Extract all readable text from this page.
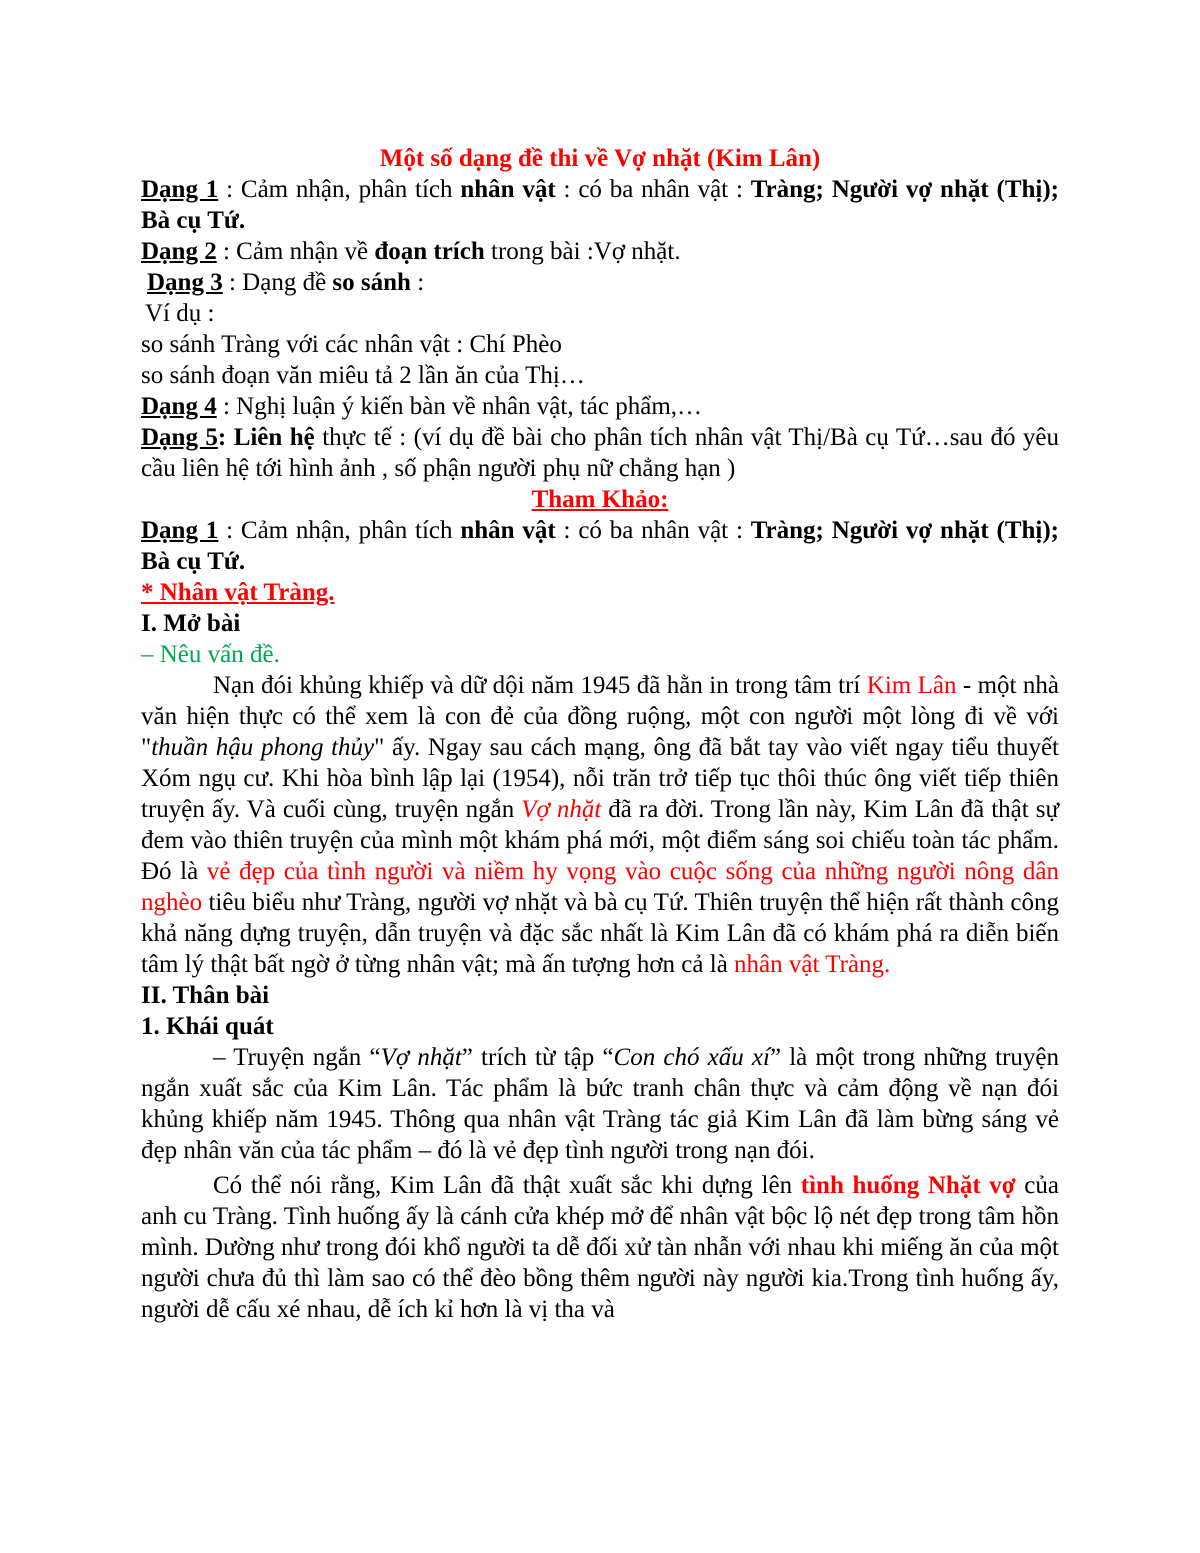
Một số dạng đề thi về Vợ nhặt (Kim Lân)

Dạng 1 : Cảm nhận, phân tích nhân vật : có ba nhân vật : Tràng; Người vợ nhặt (Thị); Bà cụ Tứ.

Dạng 2 : Cảm nhận về đoạn trích trong bài :Vợ nhặt.

Dạng 3 : Dạng đề so sánh :

Ví dụ :

so sánh Tràng với các nhân vật : Chí Phèo

so sánh đoạn văn miêu tả 2 lần ăn của Thị…

Dạng 4 : Nghị luận ý kiến bàn về nhân vật, tác phẩm,…

Dạng 5: Liên hệ thực tế : (ví dụ đề bài cho phân tích nhân vật Thị/Bà cụ Tứ…sau đó yêu cầu liên hệ tới hình ảnh , số phận người phụ nữ chẳng hạn )

Tham Khảo:

Dạng 1 : Cảm nhận, phân tích nhân vật : có ba nhân vật : Tràng; Người vợ nhặt (Thị); Bà cụ Tứ.

* Nhân vật Tràng.

I. Mở bài

– Nêu vấn đề.

Nạn đói khủng khiếp và dữ dội năm 1945 đã hằn in trong tâm trí Kim Lân - một nhà văn hiện thực có thể xem là con đẻ của đồng ruộng, một con người một lòng đi về với "thuần hậu phong thủy" ấy. Ngay sau cách mạng, ông đã bắt tay vào viết ngay tiểu thuyết Xóm ngụ cư. Khi hòa bình lập lại (1954), nỗi trăn trở tiếp tục thôi thúc ông viết tiếp thiên truyện ấy. Và cuối cùng, truyện ngắn Vợ nhặt đã ra đời. Trong lần này, Kim Lân đã thật sự đem vào thiên truyện của mình một khám phá mới, một điểm sáng soi chiếu toàn tác phẩm. Đó là vẻ đẹp của tình người và niềm hy vọng vào cuộc sống của những người nông dân nghèo tiêu biểu như Tràng, người vợ nhặt và bà cụ Tứ. Thiên truyện thể hiện rất thành công khả năng dựng truyện, dẫn truyện và đặc sắc nhất là Kim Lân đã có khám phá ra diễn biến tâm lý thật bất ngờ ở từng nhân vật; mà ấn tượng hơn cả là nhân vật Tràng.

II. Thân bài

1. Khái quát

– Truyện ngắn “Vợ nhặt” trích từ tập “Con chó xấu xí” là một trong những truyện ngắn xuất sắc của Kim Lân. Tác phẩm là bức tranh chân thực và cảm động về nạn đói khủng khiếp năm 1945. Thông qua nhân vật Tràng tác giả Kim Lân đã làm bừng sáng vẻ đẹp nhân văn của tác phẩm – đó là vẻ đẹp tình người trong nạn đói.

Có thể nói rằng, Kim Lân đã thật xuất sắc khi dựng lên tình huống Nhặt vợ của anh cu Tràng. Tình huống ấy là cánh cửa khép mở để nhân vật bộc lộ nét đẹp trong tâm hồn mình. Dường như trong đói khổ người ta dễ đối xử tàn nhẫn với nhau khi miếng ăn của một người chưa đủ thì làm sao có thể đèo bồng thêm người này người kia.Trong tình huống ấy, người dễ cấu xé nhau, dễ ích kỉ hơn là vị tha và
